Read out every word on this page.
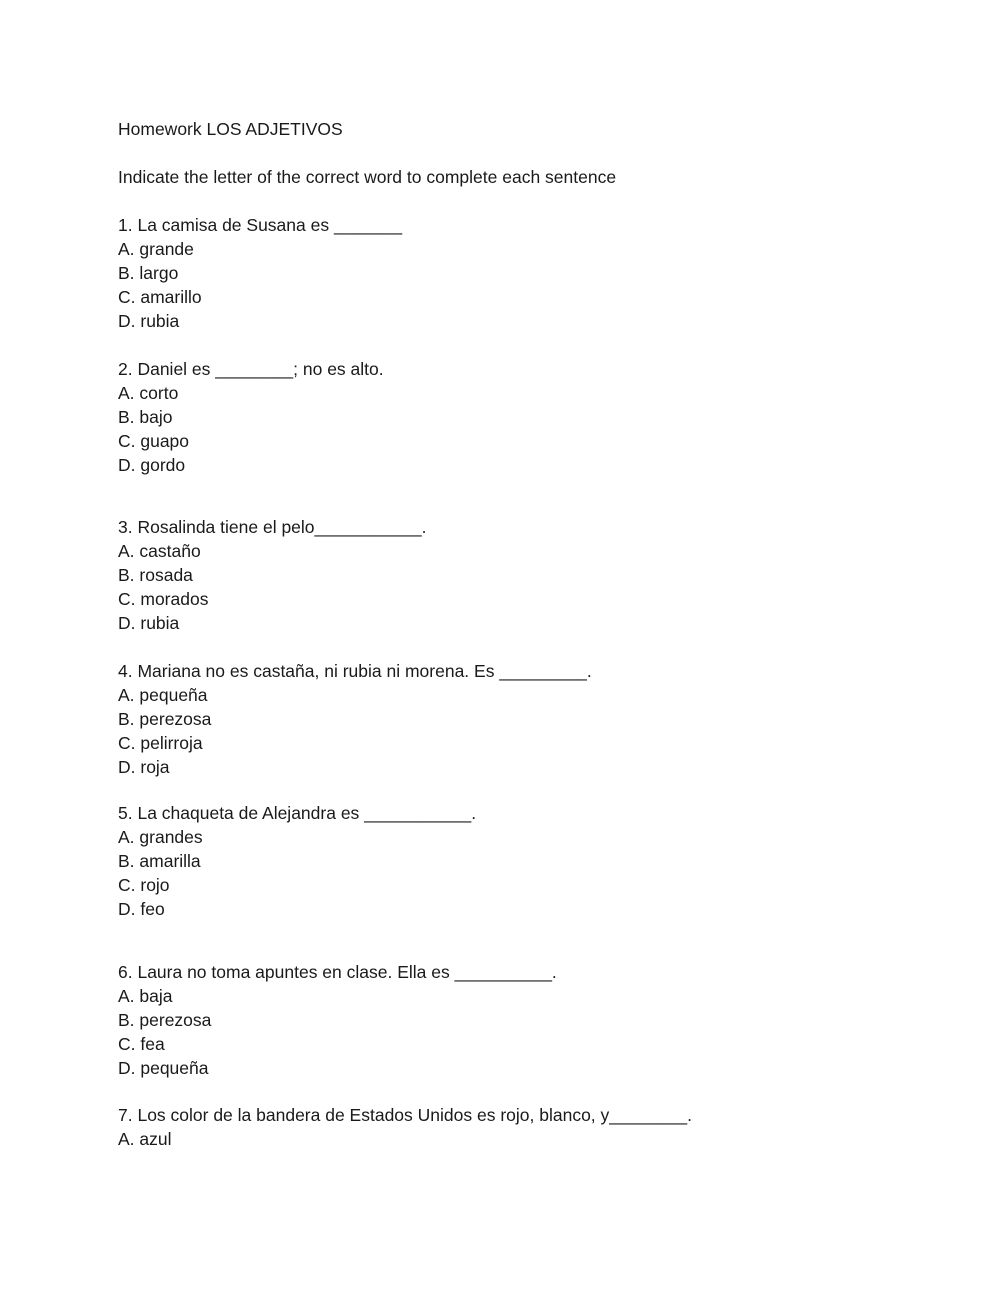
Homework LOS ADJETIVOS
Indicate the letter of the correct word to complete each sentence
1. La camisa de Susana es _______
A. grande
B. largo
C. amarillo
D. rubia
2. Daniel es ________; no es alto.
A. corto
B. bajo
C. guapo
D. gordo
3. Rosalinda tiene el pelo___________.
A. castaño
B. rosada
C. morados
D. rubia
4. Mariana no es castaña, ni rubia ni morena. Es _________.
A. pequeña
B. perezosa
C. pelirroja
D. roja
5. La chaqueta de Alejandra es ___________.
A. grandes
B. amarilla
C. rojo
D. feo
6. Laura no toma apuntes en clase. Ella es __________.
A. baja
B. perezosa
C. fea
D. pequeña
7. Los color de la bandera de Estados Unidos es rojo, blanco, y________.
A. azul
